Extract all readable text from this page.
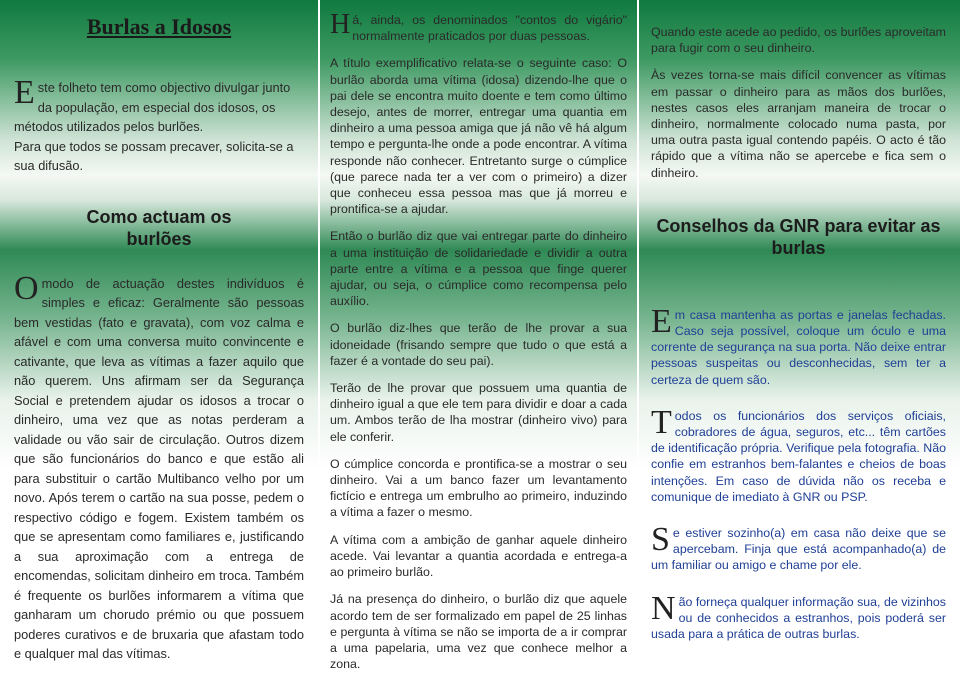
Burlas a Idosos
E ste folheto tem como objectivo divulgar junto da população, em especial dos idosos, os métodos utilizados pelos burlões.

Para que todos se possam precaver, solicita-se a sua difusão.

Como actuam os burlões
O modo de actuação destes indivíduos é simples e eficaz: Geralmente são pessoas bem vestidas (fato e gravata), com voz calma e afável e com uma conversa muito convincente e cativante, que leva as vítimas a fazer aquilo que não querem. Uns afirmam ser da Segurança Social e pretendem ajudar os idosos a trocar o dinheiro, uma vez que as notas perderam a validade ou vão sair de circulação. Outros dizem que são funcionários do banco e que estão ali para substituir o cartão Multibanco velho por um novo. Após terem o cartão na sua posse, pedem o respectivo código e fogem. Existem também os que se apresentam como familiares e, justificando a sua aproximação com a entrega de encomendas, solicitam dinheiro em troca. Também é frequente os burlões informarem a vítima que ganharam um chorudo prémio ou que possuem poderes curativos e de bruxaria que afastam todo e qualquer mal das vítimas.

H á, ainda, os denominados "contos do vigário" normalmente praticados por duas pessoas.

A título exemplificativo relata-se o seguinte caso: O burlão aborda uma vítima (idosa) dizendo-lhe que o pai dele se encontra muito doente e tem como último desejo, antes de morrer, entregar uma quantia em dinheiro a uma pessoa amiga que já não vê há algum tempo e pergunta-lhe onde a pode encontrar. A vítima responde não conhecer. Entretanto surge o cúmplice (que parece nada ter a ver com o primeiro) a dizer que conheceu essa pessoa mas que já morreu e prontifica-se a ajudar.

Então o burlão diz que vai entregar parte do dinheiro a uma instituição de solidariedade e dividir a outra parte entre a vítima e a pessoa que finge querer ajudar, ou seja, o cúmplice como recompensa pelo auxílio.

O burlão diz-lhes que terão de lhe provar a sua idoneidade (frisando sempre que tudo o que está a fazer é a vontade do seu pai).

Terão de lhe provar que possuem uma quantia de dinheiro igual a que ele tem para dividir e doar a cada um. Ambos terão de lha mostrar (dinheiro vivo) para ele conferir.

O cúmplice concorda e prontifica-se a mostrar o seu dinheiro. Vai a um banco fazer um levantamento fictício e entrega um embrulho ao primeiro, induzindo a vítima a fazer o mesmo.

A vítima com a ambição de ganhar aquele dinheiro acede. Vai levantar a quantia acordada e entrega-a ao primeiro burlão.

Já na presença do dinheiro, o burlão diz que aquele acordo tem de ser formalizado em papel de 25 linhas e pergunta à vítima se não se importa de a ir comprar a uma papelaria, uma vez que conhece melhor a zona.

Quando este acede ao pedido, os burlões aproveitam para fugir com o seu dinheiro.

Às vezes torna-se mais difícil convencer as vítimas em passar o dinheiro para as mãos dos burlões, nestes casos eles arranjam maneira de trocar o dinheiro, normalmente colocado numa pasta, por uma outra pasta igual contendo papéis. O acto é tão rápido que a vítima não se apercebe e fica sem o dinheiro.

Conselhos da GNR para evitar as burlas
E m casa mantenha as portas e janelas fechadas. Caso seja possível, coloque um óculo e uma corrente de segurança na sua porta. Não deixe entrar pessoas suspeitas ou desconhecidas, sem ter a certeza de quem são.

T odos os funcionários dos serviços oficiais, cobradores de água, seguros, etc... têm cartões de identificação própria. Verifique pela fotografia. Não confie em estranhos bem-falantes e cheios de boas intenções. Em caso de dúvida não os receba e comunique de imediato à GNR ou PSP.

S e estiver sozinho(a) em casa não deixe que se apercebam. Finja que está acompanhado(a) de um familiar ou amigo e chame por ele.

N ão forneça qualquer informação sua, de vizinhos ou de conhecidos a estranhos, pois poderá ser usada para a prática de outras burlas.
